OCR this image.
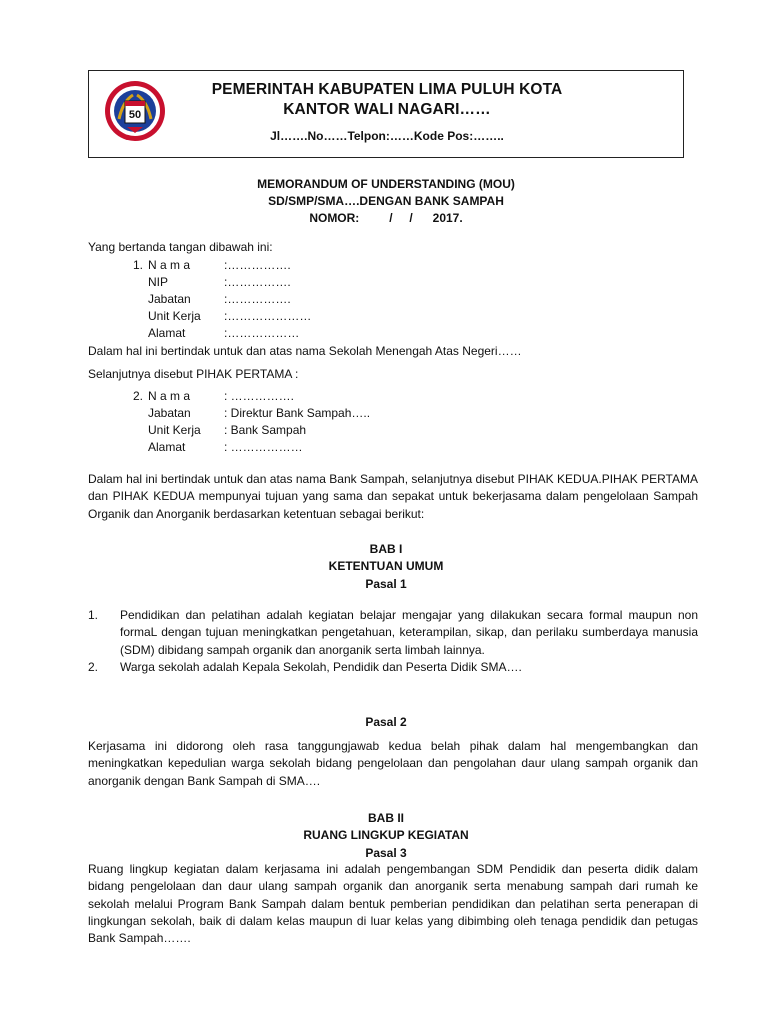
50
PEMERINTAH KABUPATEN LIMA PULUH KOTA
KANTOR WALI NAGARI……
Jl…….No……Telpon:……Kode Pos:……..
MEMORANDUM OF UNDERSTANDING (MOU)
SD/SMP/SMA….DENGAN BANK SAMPAH
NOMOR:         /     /      2017.
Yang bertanda tangan dibawah ini:
1. N a m a	:…………….
NIP	:…………….
Jabatan	:…………….
Unit Kerja :…………………
Alamat	:………………
Dalam hal ini bertindak untuk dan atas nama Sekolah Menengah Atas Negeri……
Selanjutnya disebut PIHAK PERTAMA :
2. N a m a	: …………….
Jabatan	: Direktur Bank Sampah…..
Unit Kerja : Bank Sampah
Alamat	: ………………
Dalam hal ini bertindak untuk dan atas nama Bank Sampah, selanjutnya disebut PIHAK KEDUA.PIHAK PERTAMA dan PIHAK KEDUA mempunyai tujuan yang sama dan sepakat untuk bekerjasama dalam pengelolaan Sampah Organik dan Anorganik berdasarkan ketentuan sebagai berikut:
BAB I
KETENTUAN UMUM
Pasal 1
1. Pendidikan dan pelatihan adalah kegiatan belajar mengajar yang dilakukan secara formal maupun non formaL dengan tujuan meningkatkan pengetahuan, keterampilan, sikap, dan perilaku sumberdaya manusia (SDM) dibidang sampah organik dan anorganik serta limbah lainnya.
2. Warga sekolah adalah Kepala Sekolah, Pendidik dan Peserta Didik SMA….
Pasal 2
Kerjasama ini didorong oleh rasa tanggungjawab kedua belah pihak dalam hal mengembangkan dan meningkatkan kepedulian warga sekolah bidang pengelolaan dan pengolahan daur ulang sampah organik dan anorganik dengan Bank Sampah di SMA….
BAB II
RUANG LINGKUP KEGIATAN
Pasal 3
Ruang lingkup kegiatan dalam kerjasama ini adalah pengembangan SDM Pendidik dan peserta didik dalam bidang pengelolaan dan daur ulang sampah organik dan anorganik serta menabung sampah dari rumah ke sekolah melalui Program Bank Sampah dalam bentuk pemberian pendidikan dan pelatihan serta penerapan di lingkungan sekolah, baik di dalam kelas maupun di luar kelas yang dibimbing oleh tenaga pendidik dan petugas Bank Sampah…….
